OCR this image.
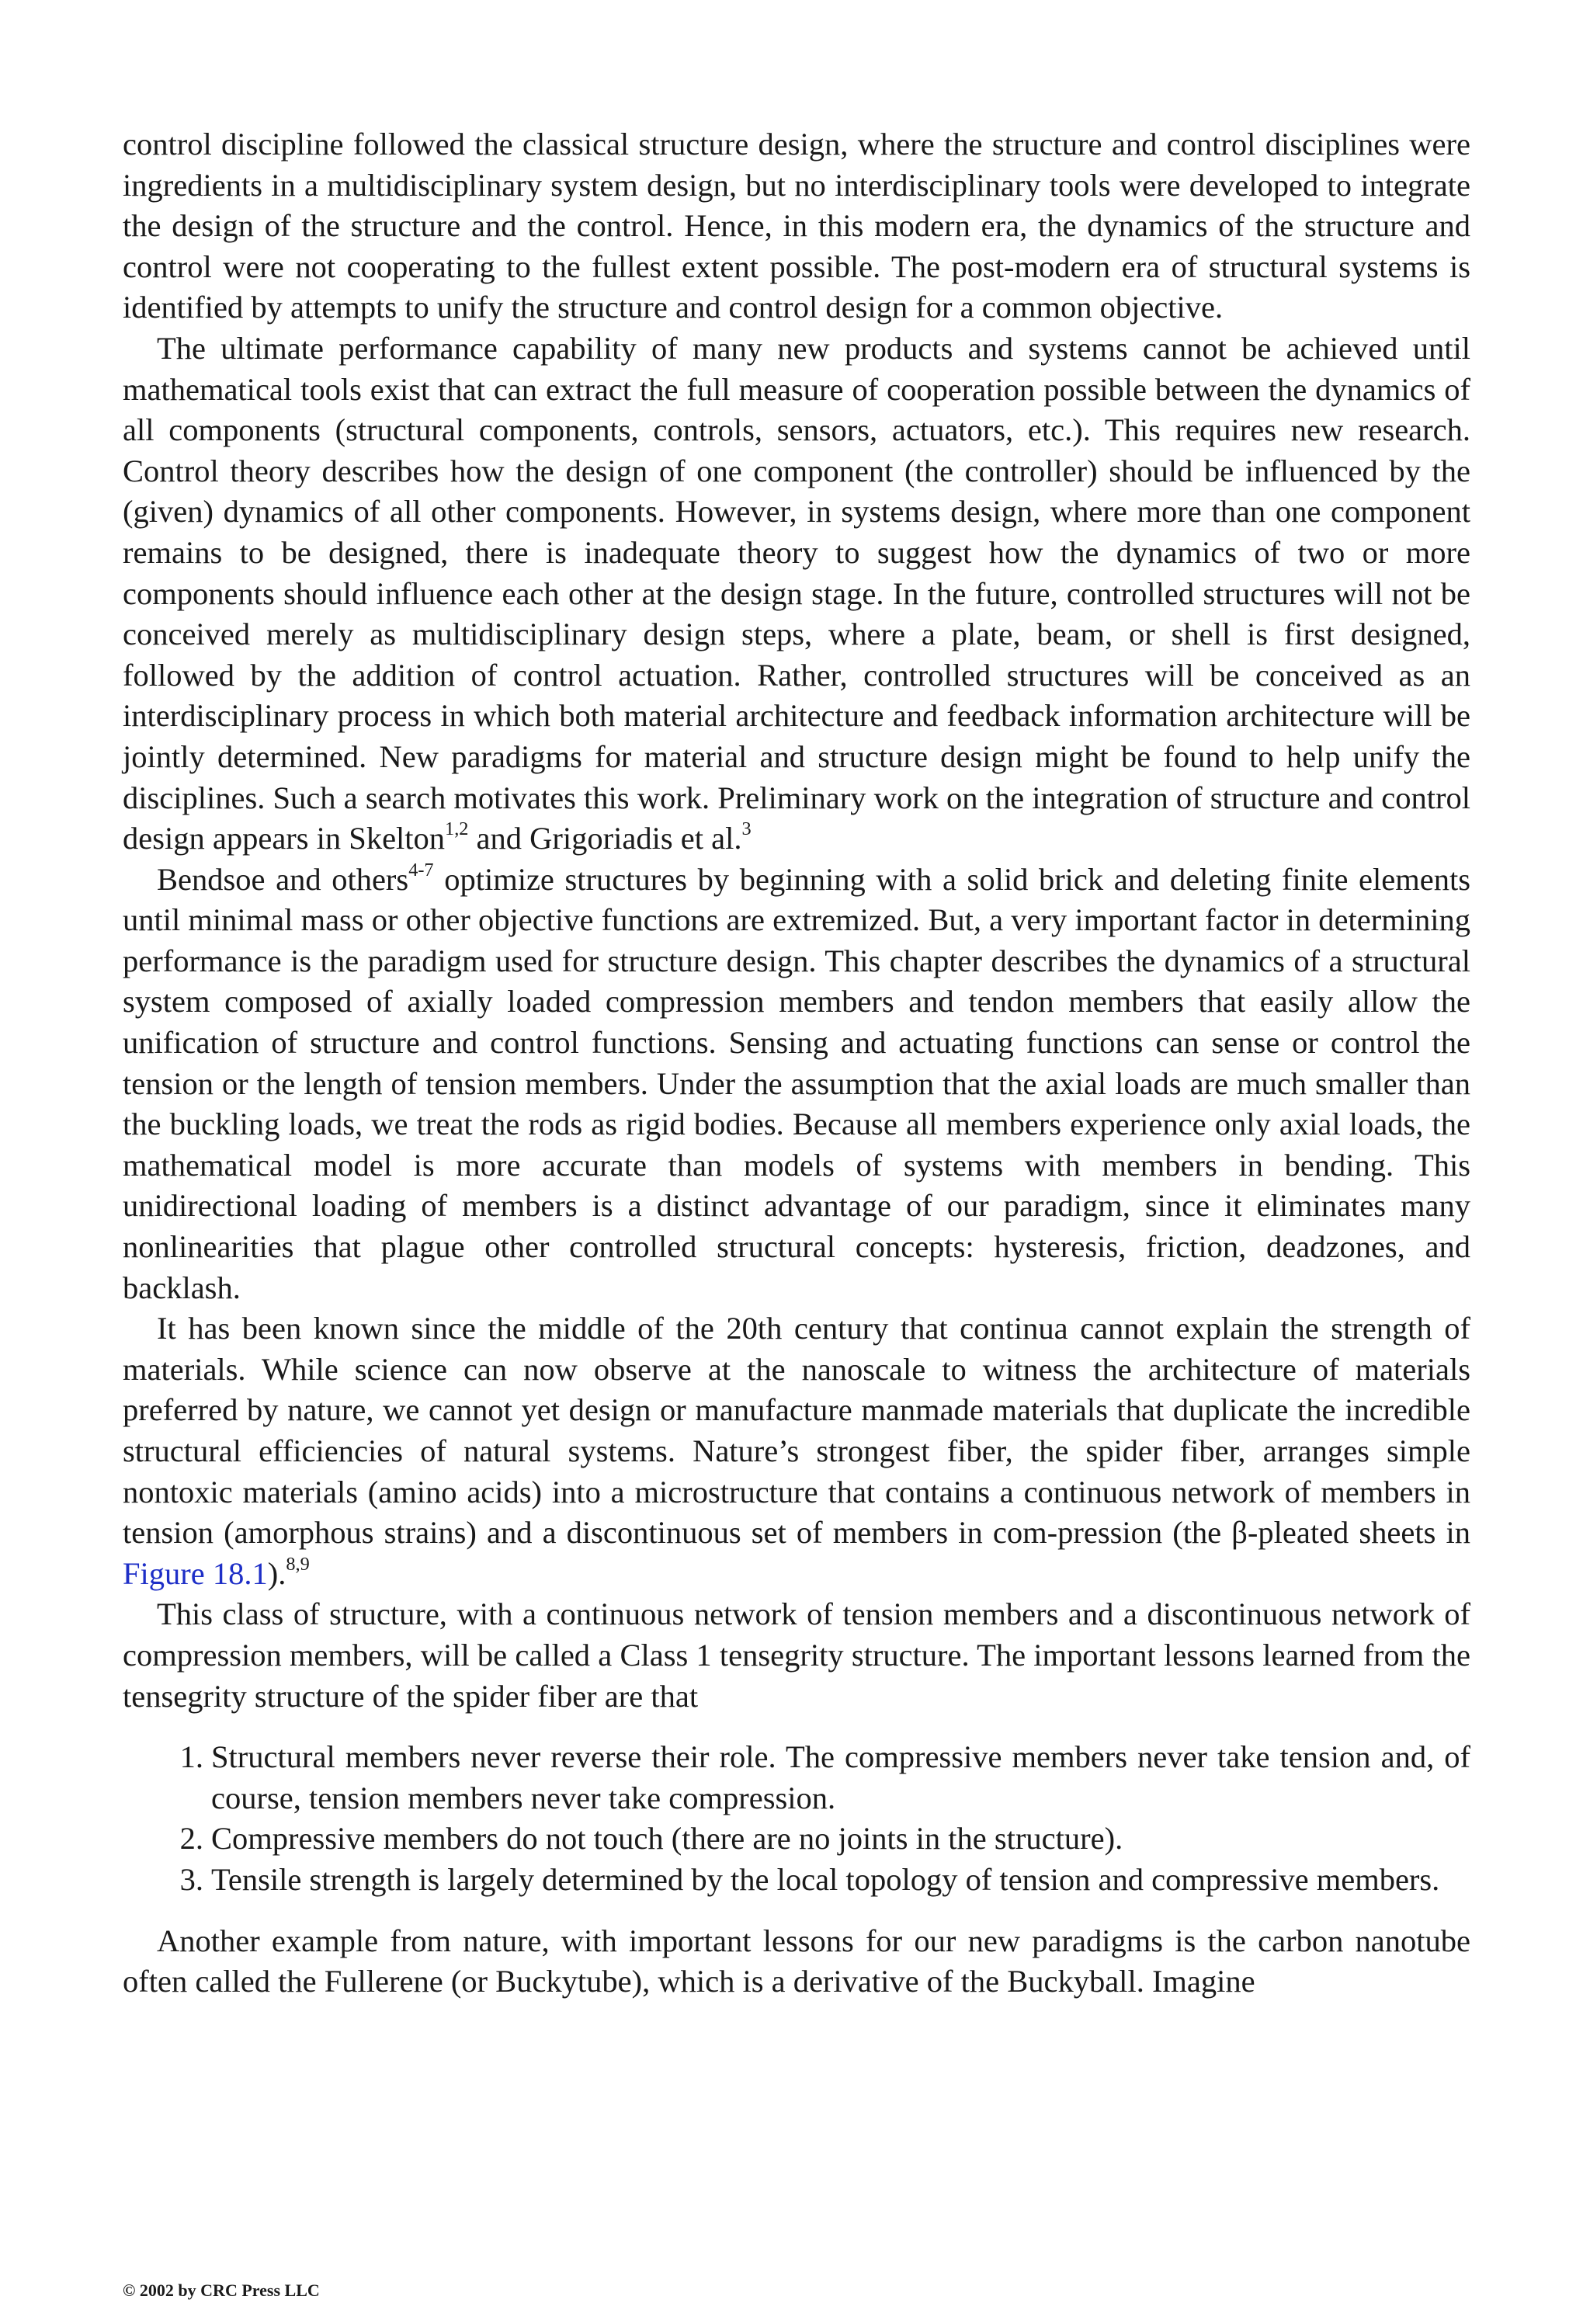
control discipline followed the classical structure design, where the structure and control disciplines were ingredients in a multidisciplinary system design, but no interdisciplinary tools were developed to integrate the design of the structure and the control. Hence, in this modern era, the dynamics of the structure and control were not cooperating to the fullest extent possible. The post-modern era of structural systems is identified by attempts to unify the structure and control design for a common objective.

The ultimate performance capability of many new products and systems cannot be achieved until mathematical tools exist that can extract the full measure of cooperation possible between the dynamics of all components (structural components, controls, sensors, actuators, etc.). This requires new research. Control theory describes how the design of one component (the controller) should be influenced by the (given) dynamics of all other components. However, in systems design, where more than one component remains to be designed, there is inadequate theory to suggest how the dynamics of two or more components should influence each other at the design stage. In the future, controlled structures will not be conceived merely as multidisciplinary design steps, where a plate, beam, or shell is first designed, followed by the addition of control actuation. Rather, controlled structures will be conceived as an interdisciplinary process in which both material architecture and feedback information architecture will be jointly determined. New paradigms for material and structure design might be found to help unify the disciplines. Such a search motivates this work. Preliminary work on the integration of structure and control design appears in Skelton$^{1,2}$ and Grigoriadis et al.$^3$

Bendsoe and others$^{4-7}$ optimize structures by beginning with a solid brick and deleting finite elements until minimal mass or other objective functions are extremized. But, a very important factor in determining performance is the paradigm used for structure design. This chapter describes the dynamics of a structural system composed of axially loaded compression members and tendon members that easily allow the unification of structure and control functions. Sensing and actuating functions can sense or control the tension or the length of tension members. Under the assumption that the axial loads are much smaller than the buckling loads, we treat the rods as rigid bodies. Because all members experience only axial loads, the mathematical model is more accurate than models of systems with members in bending. This unidirectional loading of members is a distinct advantage of our paradigm, since it eliminates many nonlinearities that plague other controlled structural concepts: hysteresis, friction, deadzones, and backlash.

It has been known since the middle of the 20th century that continua cannot explain the strength of materials. While science can now observe at the nanoscale to witness the architecture of materials preferred by nature, we cannot yet design or manufacture manmade materials that duplicate the incredible structural efficiencies of natural systems. Nature’s strongest fiber, the spider fiber, arranges simple nontoxic materials (amino acids) into a microstructure that contains a continuous network of members in tension (amorphous strains) and a discontinuous set of members in com-pression (the β-pleated sheets in Figure 18.1).$^{8,9}$

This class of structure, with a continuous network of tension members and a discontinuous network of compression members, will be called a Class 1 tensegrity structure. The important lessons learned from the tensegrity structure of the spider fiber are that

1. Structural members never reverse their role. The compressive members never take tension and, of course, tension members never take compression.
2. Compressive members do not touch (there are no joints in the structure).
3. Tensile strength is largely determined by the local topology of tension and compressive members.

Another example from nature, with important lessons for our new paradigms is the carbon nanotube often called the Fullerene (or Buckytube), which is a derivative of the Buckyball. Imagine

© 2002 by CRC Press LLC
